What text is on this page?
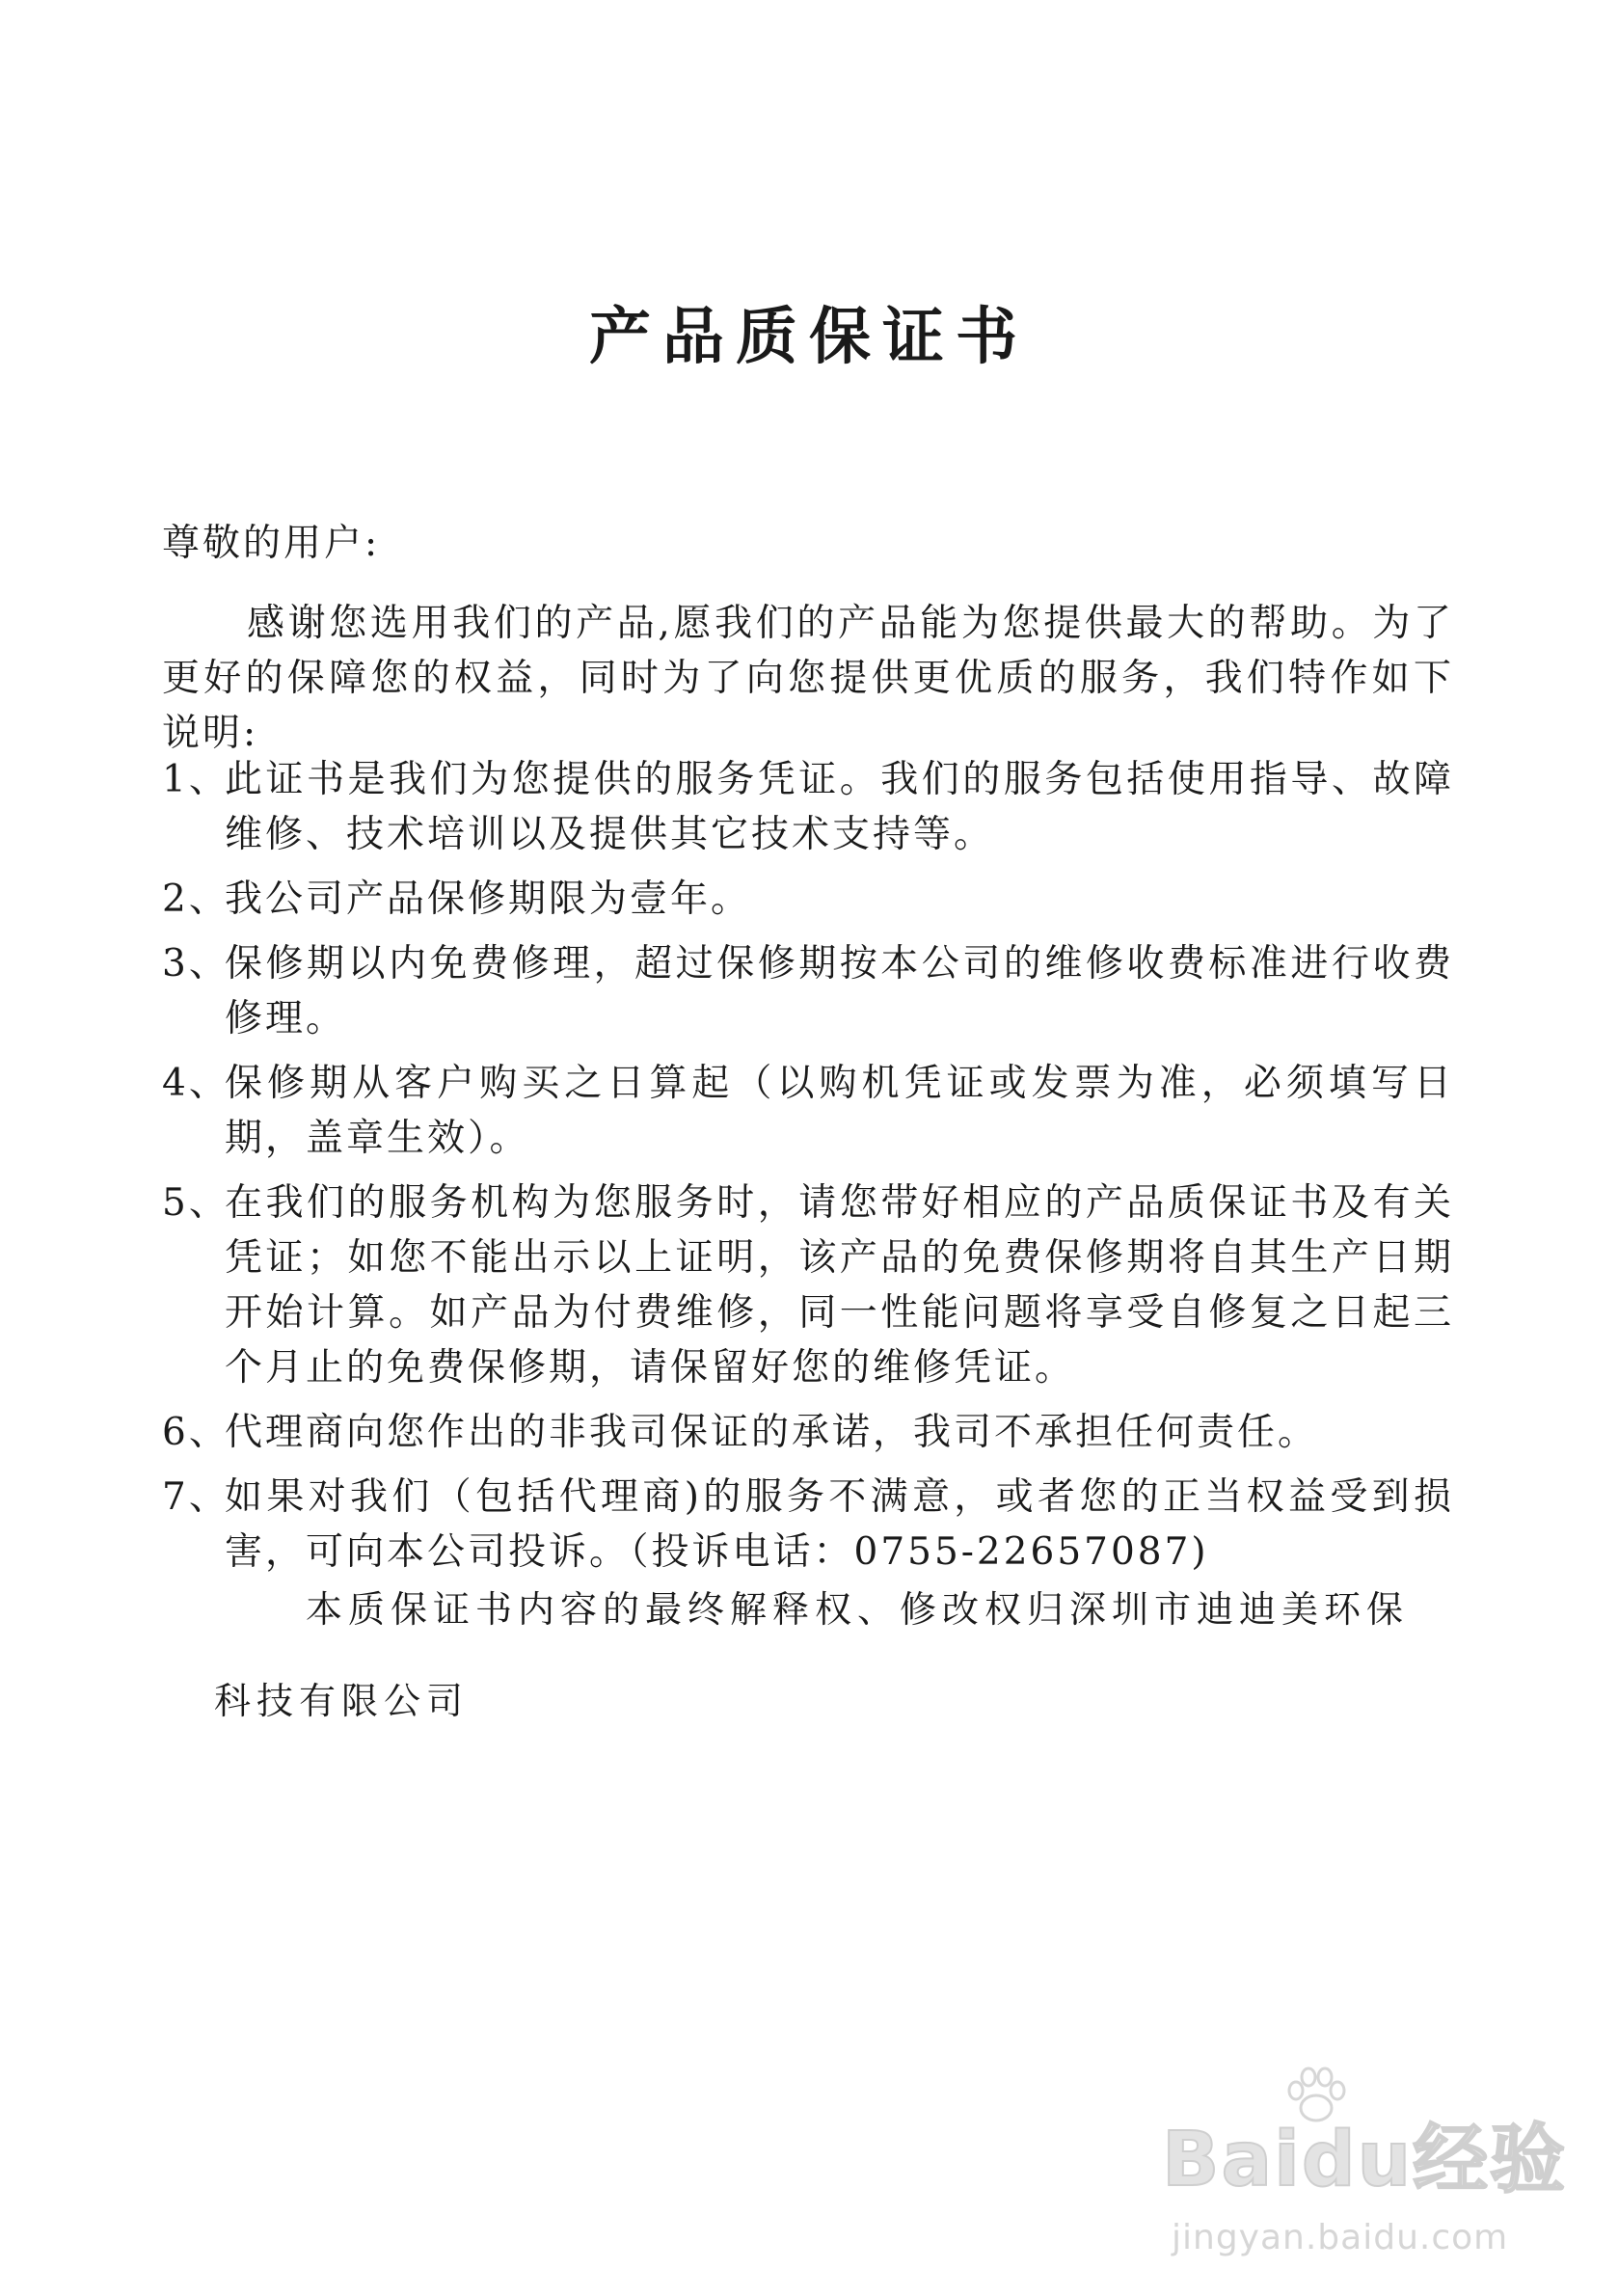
产品质保证书
尊敬的用户:
感谢您选用我们的产品,愿我们的产品能为您提供最大的帮助。为了更好的保障您的权益，同时为了向您提供更优质的服务，我们特作如下说明:
1、
此证书是我们为您提供的服务凭证。我们的服务包括使用指导、故障维修、技术培训以及提供其它技术支持等。
2、
我公司产品保修期限为壹年。
3、
保修期以内免费修理，超过保修期按本公司的维修收费标准进行收费修理。
4、
保修期从客户购买之日算起（以购机凭证或发票为准，必须填写日期，盖章生效）。
5、
在我们的服务机构为您服务时，请您带好相应的产品质保证书及有关凭证；如您不能出示以上证明，该产品的免费保修期将自其生产日期开始计算。如产品为付费维修，同一性能问题将享受自修复之日起三个月止的免费保修期，请保留好您的维修凭证。
6、
代理商向您作出的非我司保证的承诺，我司不承担任何责任。
7、
如果对我们（包括代理商)的服务不满意，或者您的正当权益受到损害，可向本公司投诉。（投诉电话：0755-22657087)
本质保证书内容的最终解释权、修改权归深圳市迪迪美环保
科技有限公司
Baidu经验
jingyan.baidu.com
